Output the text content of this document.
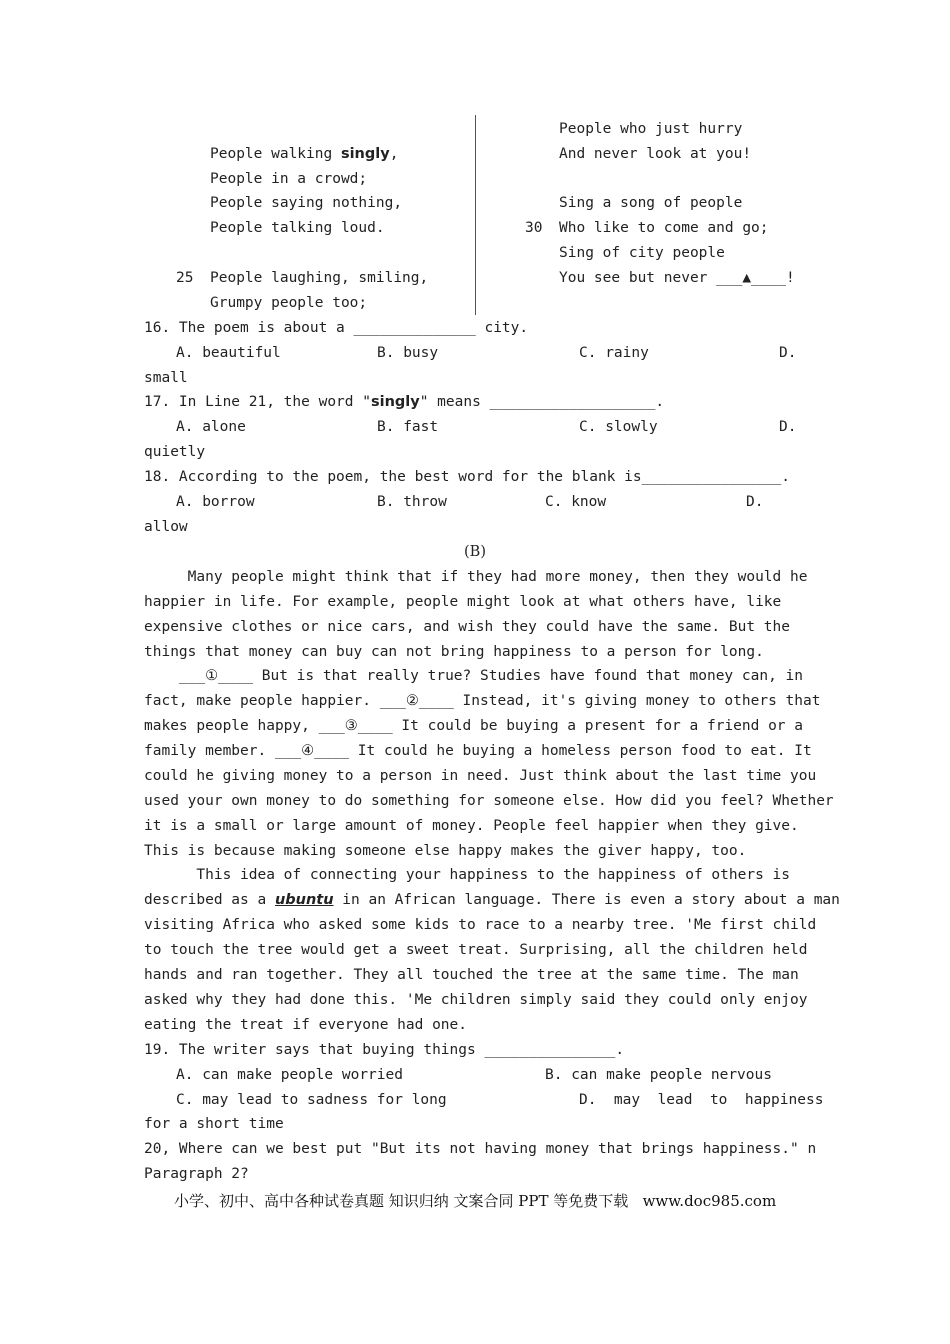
People walking singly,
People in a crowd;
People saying nothing,
People talking loud.
25 People laughing, smiling,
Grumpy people too;
People who just hurry
And never look at you!
Sing a song of people
30 Who like to come and go;
Sing of city people
You see but never ___▲____!
16. The poem is about a ______________ city.
A. beautiful	B. busy	C. rainy	D.
small
17. In Line 21, the word "singly" means ___________________.
A. alone	B. fast	C. slowly	D.
quietly
18. According to the poem, the best word for the blank is________________.
A. borrow	B. throw	C. know	D.
allow
(B)
Many people might think that if they had more money, then they would he
happier in life. For example, people might look at what others have, like
expensive clothes or nice cars, and wish they could have the same. But the
things that money can buy can not bring happiness to a person for long.
___①____ But is that really true? Studies have found that money can, in
fact, make people happier. ___②____ Instead, it's giving money to others that
makes people happy, ___③____ It could be buying a present for a friend or a
family member. ___④____ It could he buying a homeless person food to eat. It
could he giving money to a person in need. Just think about the last time you
used your own money to do something for someone else. How did you feel? Whether
it is a small or large amount of money. People feel happier when they give.
This is because making someone else happy makes the giver happy, too.
This idea of connecting your happiness to the happiness of others is
described as a ubuntu in an African language. There is even a story about a man
visiting Africa who asked some kids to race to a nearby tree. 'Me first child
to touch the tree would get a sweet treat. Surprising, all the children held
hands and ran together. They all touched the tree at the same time. The man
asked why they had done this. 'Me children simply said they could only enjoy
eating the treat if everyone had one.
19. The writer says that buying things _______________.
A. can make people worried	B. can make people nervous
C. may lead to sadness for long	D.  may  lead  to  happiness
for a short time
20, Where can we best put "But its not having money that brings happiness." n
Paragraph 2?
小学、初中、高中各种试卷真题 知识归纳 文案合同 PPT 等免费下载   www.doc985.com
